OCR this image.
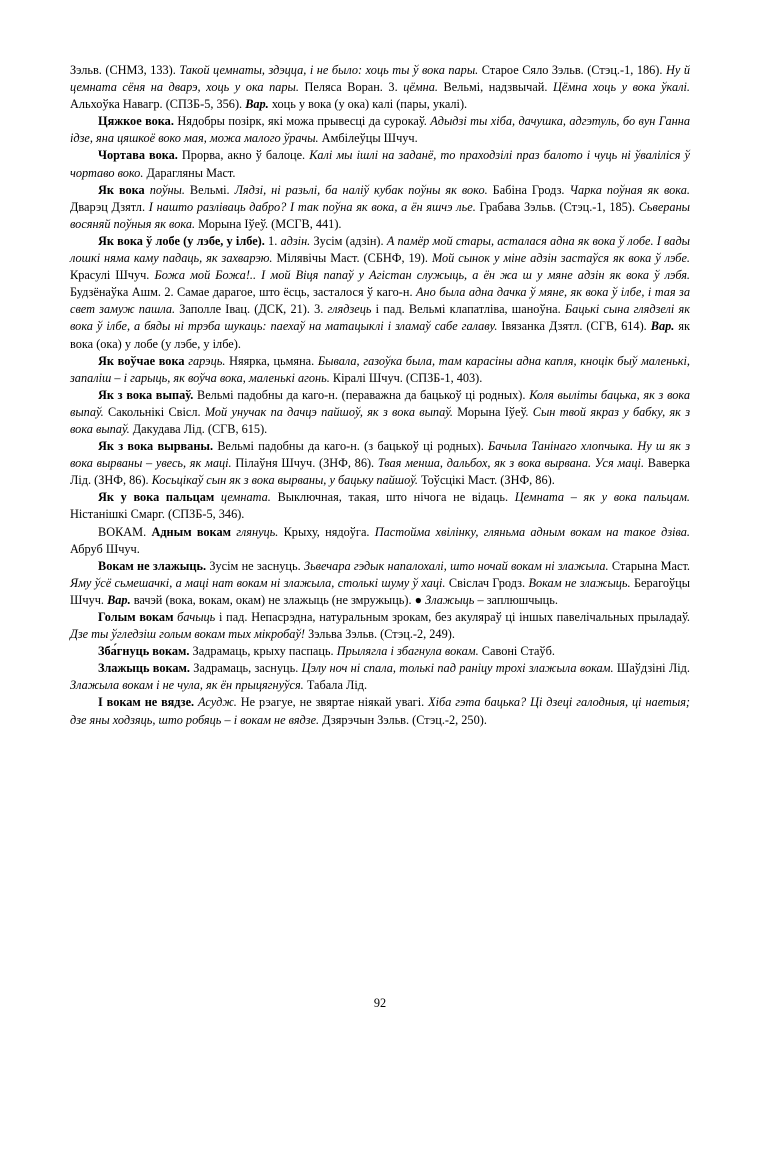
Зэльв. (СНМЗ, 133). Такой цемнаты, здэцца, і не было: хоць ты ў вока пары. Старое Сяло Зэльв. (Стэц.-1, 186). Ну й цемната сёня на дварэ, хоць у ока пары. Пеляса Воран. 3. цёмна. Вельмі, надзвычай. Цёмна хоць у вока ўкалі. Альхоўка Навагр. (СПЗБ-5, 356). Вар. хоць у вока (у ока) калі (пары, укалі).

Цяжкое вока. Нядобры позірк, які можа прывесці да сурокаў. Адыдзі ты хіба, дачушка, адгэтуль, бо вун Ганна ідзе, яна цяшкоё воко мая, можа малого ўрачы. Амбілеўцы Шчуч.

Чортава вока. Прорва, акно ў балоце. Калі мы ішлі на заданё, то праходзілі праз балото і чуць ні ўваліліся ў чортаво воко. Дарагляны Маст.

Як вока поўны. Вельмі. Лядзі, ні разьлі, ба наліў кубак поўны як воко. Бабіна Гродз. Чарка поўная як вока. Дварэц Дзятл. І нашто разліваць дабро? І так поўна як вока, а ён яшчэ лье. Грабава Зэльв. (Стэц.-1, 185). Сьвераны восяняй поўныя як вока. Морына Іўеў. (МСГВ, 441).

Як вока ў лобе (у лэбе, у ілбе). 1. адзін. Зусім (адзін). А памёр мой стары, асталася адна як вока ў лобе. І вады лошкі няма каму падаць, як захварэю. Мілявічы Маст. (СБНФ, 19). Мой сынок у міне адзін застаўся як вока ў лэбе. Красулі Шчуч. Божа мой Божа!.. І мой Віця папаў у Агістан служыць, а ён жа ш у мяне адзін як вока ў лэбя. Будзёнаўка Ашм. 2. Самае дарагое, што ёсць, засталося ў каго-н. Ано была адна дачка ў мяне, як вока ў ілбе, і тая за свет замуж пашла. Заполле Івац. (ДСК, 21). 3. глядзець і пад. Вельмі клапатліва, шаноўна. Бацькі сына глядзелі як вока ў ілбе, а бяды ні трэба шукаць: паехаў на матацыклі і зламаў сабе галаву. Івязанка Дзятл. (СГВ, 614). Вар. як вока (ока) у лобе (у лэбе, у ілбе).

Як воўчае вока гарэць. Няярка, цьмяна. Бывала, газоўка была, там карасіны адна капля, кноцік быў маленькі, запаліш – і гарыць, як воўча вока, маленькі агонь. Кіралі Шчуч. (СПЗБ-1, 403).

Як з вока выпаў. Вельмі падобны да каго-н. (пераважна да бацькоў ці родных). Коля выліты бацька, як з вока выпаў. Сакольнікі Свісл. Мой унучак па дачцэ пайшоў, як з вока выпаў. Морына Іўеў. Сын твой якраз у бабку, як з вока выпаў. Дакудава Лід. (СГВ, 615).

Як з вока вырваны. Вельмі падобны да каго-н. (з бацькоў ці родных). Бачыла Танінаго хлопчыка. Ну ш як з вока вырваны – увесь, як маці. Пілаўня Шчуч. (ЗНФ, 86). Твая менша, дальбох, як з вока вырвана. Уся маці. Ваверка Лід. (ЗНФ, 86). Косьцікаў сын як з вока вырваны, у бацьку пайшоў. Тоўсцікі Маст. (ЗНФ, 86).

Як у вока пальцам цемната. Выключная, такая, што нічога не відаць. Цемната – як у вока пальцам. Ністанішкі Смарг. (СПЗБ-5, 346).

ВОКАМ. Адным вокам глянуць. Крыху, нядоўга. Пастойма хвілінку, гляньма адным вокам на такое дзіва. Абруб Шчуч.

Вокам не злажыць. Зусім не заснуць. Зьвечара гэдык напалохалі, што ночай вокам ні злажыла. Старына Маст. Яму ўсё сьмешачкі, а маці нат вокам ні злажыла, столькі шуму ў хаці. Свіслач Гродз. Вокам не злажыць. Берагоўцы Шчуч. Вар. вачэй (вока, вокам, окам) не злажыць (не змружыць). ● Злажыць – заплюшчыць.

Голым вокам бачыць і пад. Непасрэдна, натуральным зрокам, без акуляраў ці іншых павелічальных прыладаў. Дзе ты ўгледзіш голым вокам тых мікробаў! Зэльва Зэльв. (Стэц.-2, 249).

Зба́гнуць вокам. Задрамаць, крыху паспаць. Прылягла і збагнула вокам. Савоні Стаўб.

Злажыць вокам. Задрамаць, заснуць. Цэлу ноч ні спала, толькі пад раніцу трохі злажыла вокам. Шаўдзіні Лід. Злажыла вокам і не чула, як ён прыцягнуўся. Табала Лід.

І вокам не вядзе. Асудж. Не рэагуе, не звяртае ніякай увагі. Хіба гэта бацька? Ці дзеці галодныя, ці наетыя; дзе яны ходзяць, што робяць – і вокам не вядзе. Дзярэчын Зэльв. (Стэц.-2, 250).

92
